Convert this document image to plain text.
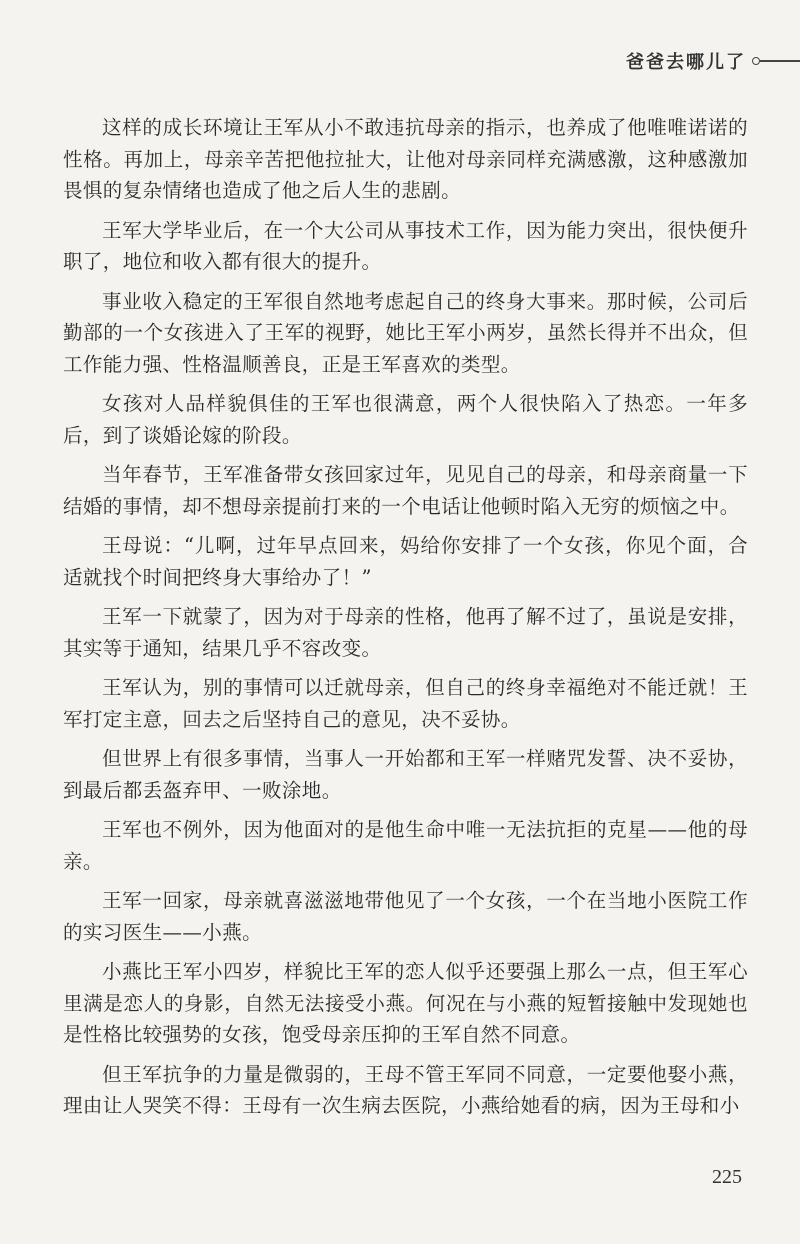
爸爸去哪儿了

这样的成长环境让王军从小不敢违抗母亲的指示，也养成了他唯唯诺诺的性格。再加上，母亲辛苦把他拉扯大，让他对母亲同样充满感激，这种感激加畏惧的复杂情绪也造成了他之后人生的悲剧。

王军大学毕业后，在一个大公司从事技术工作，因为能力突出，很快便升职了，地位和收入都有很大的提升。

事业收入稳定的王军很自然地考虑起自己的终身大事来。那时候，公司后勤部的一个女孩进入了王军的视野，她比王军小两岁，虽然长得并不出众，但工作能力强、性格温顺善良，正是王军喜欢的类型。

女孩对人品样貌俱佳的王军也很满意，两个人很快陷入了热恋。一年多后，到了谈婚论嫁的阶段。

当年春节，王军准备带女孩回家过年，见见自己的母亲，和母亲商量一下结婚的事情，却不想母亲提前打来的一个电话让他顿时陷入无穷的烦恼之中。

王母说：“儿啊，过年早点回来，妈给你安排了一个女孩，你见个面，合适就找个时间把终身大事给办了！”

王军一下就蒙了，因为对于母亲的性格，他再了解不过了，虽说是安排，其实等于通知，结果几乎不容改变。

王军认为，别的事情可以迁就母亲，但自己的终身幸福绝对不能迁就！王军打定主意，回去之后坚持自己的意见，决不妥协。

但世界上有很多事情，当事人一开始都和王军一样赌咒发誓、决不妥协，到最后都丢盔弃甲、一败涂地。

王军也不例外，因为他面对的是他生命中唯一无法抗拒的克星——他的母亲。

王军一回家，母亲就喜滋滋地带他见了一个女孩，一个在当地小医院工作的实习医生——小燕。

小燕比王军小四岁，样貌比王军的恋人似乎还要强上那么一点，但王军心里满是恋人的身影，自然无法接受小燕。何况在与小燕的短暂接触中发现她也是性格比较强势的女孩，饱受母亲压抑的王军自然不同意。

但王军抗争的力量是微弱的，王母不管王军同不同意，一定要他娶小燕，理由让人哭笑不得：王母有一次生病去医院，小燕给她看的病，因为王母和小

225
